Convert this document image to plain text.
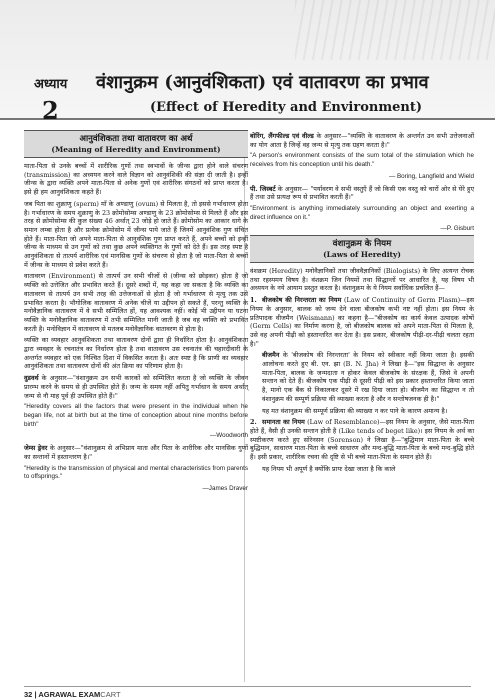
अध्याय
2
वंशानुक्रम (आनुवंशिकता) एवं वातावरण का प्रभाव
(Effect of Heredity and Environment)
आनुवंशिकता तथा वातावरण का अर्थ
(Meaning of Heredity and Environment)

माता-पिता से उनके बच्चों में शारीरिक गुणों तथा स्वभावों के जीन्स द्वारा होने वाले संचरण (transmission) का अध्ययन करने वाले विज्ञान को आनुवंशिकी की संज्ञा दी जाती है। इन्हीं जीन्स के द्वारा व्यक्ति अपने माता-पिता से अनेक गुणों एवं शारीरिक संगठनों को प्राप्त करता है। इसे ही हम आनुवंशिकता कहते हैं।

जब पिता का शुक्राणु (sperm) माँ के अण्डाणु (ovum) से मिलता है, तो इससे गर्भाधारण होता है। गर्भाधारण के समय शुक्राणु के 23 क्रोमोसोम्स अण्डाणु के 23 क्रोमोसोम्स से मिलते हैं और इस तरह से क्रोमोसोम्स की कुल संख्या 46 अर्थात् 23 जोड़े हो जाते हैं। क्रोमोसोम का आकार धागे के समान लम्बा होता है और प्रत्येक क्रोमोसोम में जीन्स पाये जाते हैं जिनमें आनुवंशिक गुण संचित होते हैं। माता-पिता जो अपने माता-पिता से आनुवंशिक गुण प्राप्त करते हैं, अपने बच्चों को इन्हीं जीन्स के माध्यम से उन गुणों को तथा कुछ अपने व्यक्तिगत के गुणों को देते हैं। इस तरह स्पष्ट है आनुवंशिकता से तात्पर्य शारीरिक एवं मानसिक गुणों के संचरण से होता है जो माता-पिता से बच्चों में जीन्स के माध्यम से प्रवेश करते हैं।

वातावरण (Environment) से तात्पर्य उन सभी चीजों से (जीन्स को छोड़कर) होता है जो व्यक्ति को उत्तेजित और प्रभावित करते हैं। दूसरे शब्दों में, यह कहा जा सकता है कि व्यक्ति का वातावरण से तात्पर्य उन सभी तरह की उत्तेजनाओं से होता है जो गर्भाधारण से मृत्यु तक उसे प्रभावित करता है। भौगोलिक वातावरण में अनेक चीजें या उद्दीपन हो सकते हैं, परन्तु व्यक्ति के मनोवैज्ञानिक वातावरण में वे सभी सम्मिलित हों, यह आवश्यक नहीं। कोई भी उद्दीपन या घटना व्यक्ति के मनोवैज्ञानिक वातावरण में तभी सम्मिलित मानी जाती है जब वह व्यक्ति को प्रभावित करती है। मनोविज्ञान में वातावरण से मतलब मनोवैज्ञानिक वातावरण से होता है।

व्यक्ति का व्यवहार आनुवंशिकता तथा वातावरण दोनों द्वारा ही निर्धारित होता है। आनुवंशिकता द्वारा व्यवहार के रचनातंत्र का निर्धारण होता है तथा वातावरण उस रचनातंत्र की चहारदीवारी के अन्तर्गत व्यवहार को एक निश्चित दिशा में विकसित करता है। अतः स्पष्ट है कि प्राणी का व्यवहार आनुवंशिकता तथा वातावरण दोनों की अंत क्रिया का परिणाम होता है।

वुडवर्थ के अनुसार—"वंशानुक्रम उन सभी कारकों को सम्मिलित करता है जो व्यक्ति के जीवन प्रारम्भ करने के समय से ही उपस्थित होते हैं। जन्म के समय नहीं अपितु गर्भाधान के समय अर्थात् जन्म से नौ माह पूर्व ही उपस्थित होते हैं।"

"Heredity covers all the factors that were present in the individual when he began life, not at birth but at the time of conception about nine months before birth"

—Woodworth

जेम्स ड्रेवर के अनुसार—"वंशानुक्रम से अभिप्राय माता और पिता के शारीरिक और मानसिक गुणों का सन्तानों में हस्तान्तरण है।"

"Heredity is the transmission of physical and mental characteristics from parents to offsprings."

—James Draver

बोरिंग, लैंगफील्ड एवं वील्ड के अनुसार—"व्यक्ति के वातावरण के अन्तर्गत उन सभी उत्तेजनाओं का योग आता है जिन्हें वह जन्म से मृत्यु तक ग्रहण करता है।"

"A person's environment consists of the sum total of the stimulation which he receives from his conception until his death."

— Boring, Langfield and Wield

पी. जिस्बर्ट के अनुसार— "पर्यावरण वे सभी वस्तुएँ हैं जो किसी एक वस्तु को चारों ओर से घेरे हुए हैं तथा उसे प्रत्यक्ष रूप से प्रभावित करती हैं।"

"Environment is anything immediately surrounding an object and exerting a direct influence on it."

—P. Gisburt

वंशानुक्रम के नियम
(Laws of Heredity)

वंशक्रम (Heredity) मनोवैज्ञानिकों तथा जीववैज्ञानिकों (Biologists) के लिए अत्यन्त रोचक तथा रहस्यमय विषय है। वंशक्रम जिन नियमों तथा सिद्धान्तों पर आधारित है, यह विषय भी अध्ययन के नये आयाम प्रस्तुत करता है। वंशानुक्रम के ये नियम सर्वाधिक प्रचलित हैं—

1. बीजकोष की निरन्तरता का नियम (Law of Continuity of Germ Plasm)—इस नियम के अनुसार, बालक को जन्म देने वाला बीजकोष कभी नष्ट नहीं होता। इस नियम के प्रतिपादक वीजमैन (Weismann) का कहना है—"बीजकोष का कार्य केवल उत्पादक कोषों (Germ Cells) का निर्माण करना है, जो बीजकोष बालक को अपने माता-पिता से मिलता है, उसे वह अपनी पीढ़ी को हस्तान्तरित कर देता है। इस प्रकार, बीजकोष पीढ़ी-दर-पीढ़ी चलता रहता है।"

बीजमैन के 'बीजकोष की निरन्तरता' के नियम को स्वीकार नहीं किया जाता है। इसकी आलोचना करते हुए बी. एन. झा (B. N. Jha) ने लिखा है—"इस सिद्धान्त के अनुसार माता-पिता, बालक के जन्मदाता न होकर केवल बीजकोष के संरक्षक हैं, जिसे वे अपनी सन्तान को देते हैं। बीजकोष एक पीढ़ी से दूसरी पीढ़ी को इस प्रकार हस्तान्तरित किया जाता है, मानो एक बैंक से निकालकर दूसरे में रख दिया जाता हो। बीजमैन का सिद्धान्त न तो वंशानुक्रम की सम्पूर्ण प्रक्रिया की व्याख्या करता है और न सन्तोषजनक ही है।"

यह मत वंशानुक्रम की सम्पूर्ण प्रक्रिया की व्याख्या न कर पाने के कारण अमान्य है।

2. समानता का नियम (Law of Resemblance)—इस नियम के अनुसार, जैसे माता-पिता होते हैं, वैसी ही उनकी सन्तान होती है (Like tends of beget like)। इस नियम के अर्थ का स्पष्टीकरण करते हुए सोरेनसन (Sorenson) ने लिखा है—"बुद्धिमान माता-पिता के बच्चे बुद्धिमान, साधारण माता-पिता के बच्चे साधारण और मन्द-बुद्धि माता-पिता के बच्चे मन्द-बुद्धि होते हैं। इसी प्रकार, शारीरिक रचना की दृष्टि से भी बच्चे माता-पिता के समान होते हैं।

यह नियम भी अपूर्ण है क्योंकि प्रायः देखा जाता है कि काले

32 | AGRAWAL EXAMCART
